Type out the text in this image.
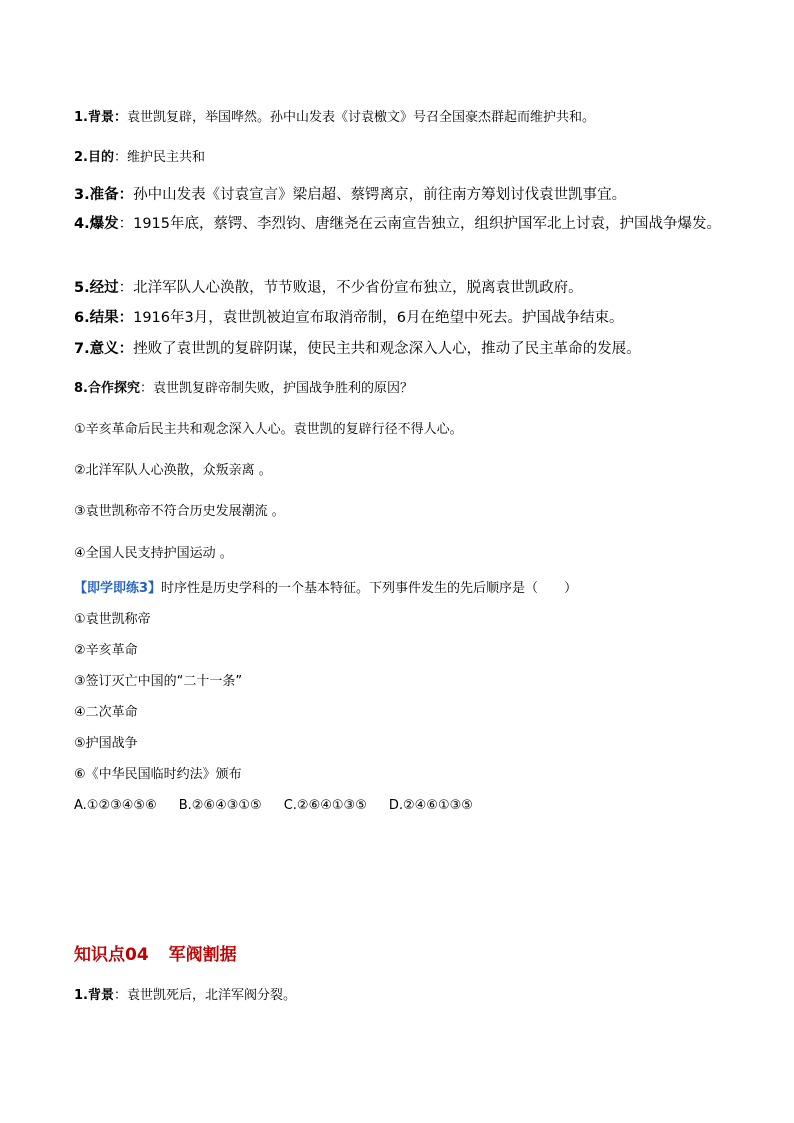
1.背景：袁世凯复辟，举国哗然。孙中山发表《讨袁檄文》号召全国豪杰群起而维护共和。
2.目的：维护民主共和
3.准备：孙中山发表《讨袁宣言》梁启超、蔡锷离京，前往南方筹划讨伐袁世凯事宜。
4.爆发：1915年底，蔡锷、李烈钧、唐继尧在云南宣告独立，组织护国军北上讨袁，护国战争爆发。
5.经过：北洋军队人心涣散，节节败退，不少省份宣布独立，脱离袁世凯政府。
6.结果：1916年3月，袁世凯被迫宣布取消帝制，6月在绝望中死去。护国战争结束。
7.意义：挫败了袁世凯的复辟阴谋，使民主共和观念深入人心，推动了民主革命的发展。
8.合作探究：袁世凯复辟帝制失败，护国战争胜利的原因？
①辛亥革命后民主共和观念深入人心。袁世凯的复辟行径不得人心。
②北洋军队人心涣散，众叛亲离 。
③袁世凯称帝不符合历史发展潮流 。
④全国人民支持护国运动 。
【即学即练3】时序性是历史学科的一个基本特征。下列事件发生的先后顺序是（ ）
①袁世凯称帝
②辛亥革命
③签订灭亡中国的“二十一条”
④二次革命
⑤护国战争
⑥《中华民国临时约法》颁布
A.①②③④⑤⑥ B.②⑥④③①⑤ C.②⑥④①③⑤ D.②④⑥①③⑤
知识点04 军阀割据
1.背景：袁世凯死后，北洋军阀分裂。
